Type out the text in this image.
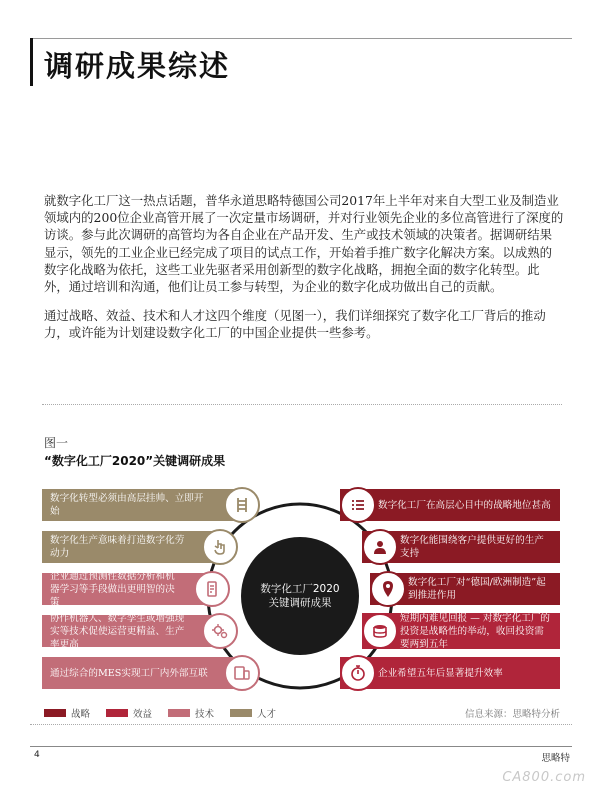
调研成果综述

就数字化工厂这一热点话题，普华永道思略特德国公司2017年上半年对来自大型工业及制造业领域内的200位企业高管开展了一次定量市场调研，并对行业领先企业的多位高管进行了深度的访谈。参与此次调研的高管均为各自企业在产品开发、生产或技术领域的决策者。据调研结果显示，领先的工业企业已经完成了项目的试点工作，开始着手推广数字化解决方案。以成熟的数字化战略为依托，这些工业先驱者采用创新型的数字化战略，拥抱全面的数字化转型。此外，通过培训和沟通，他们让员工参与转型，为企业的数字化成功做出自己的贡献。

通过战略、效益、技术和人才这四个维度（见图一），我们详细探究了数字化工厂背后的推动力，或许能为计划建设数字化工厂的中国企业提供一些参考。

图一
“数字化工厂2020”关键调研成果
数字化转型必须由高层挂帅、立即开始
数字化生产意味着打造数字化劳动力
企业通过预测性数据分析和机器学习等手段做出更明智的决策
协作机器人、数字孪生或增强现实等技术促使运营更精益、生产率更高
通过综合的MES实现工厂内外部互联
数字化工厂在高层心目中的战略地位甚高
数字化能围绕客户提供更好的生产支持
数字化工厂对“德国/欧洲制造”起到推进作用
短期内难见回报 — 对数字化工厂的投资是战略性的举动，收回投资需要两到五年
企业希望五年后显著提升效率
数字化工厂2020
关键调研成果
战略	效益	技术	人才	信息来源：思略特分析
4	思略特
CA800.com
